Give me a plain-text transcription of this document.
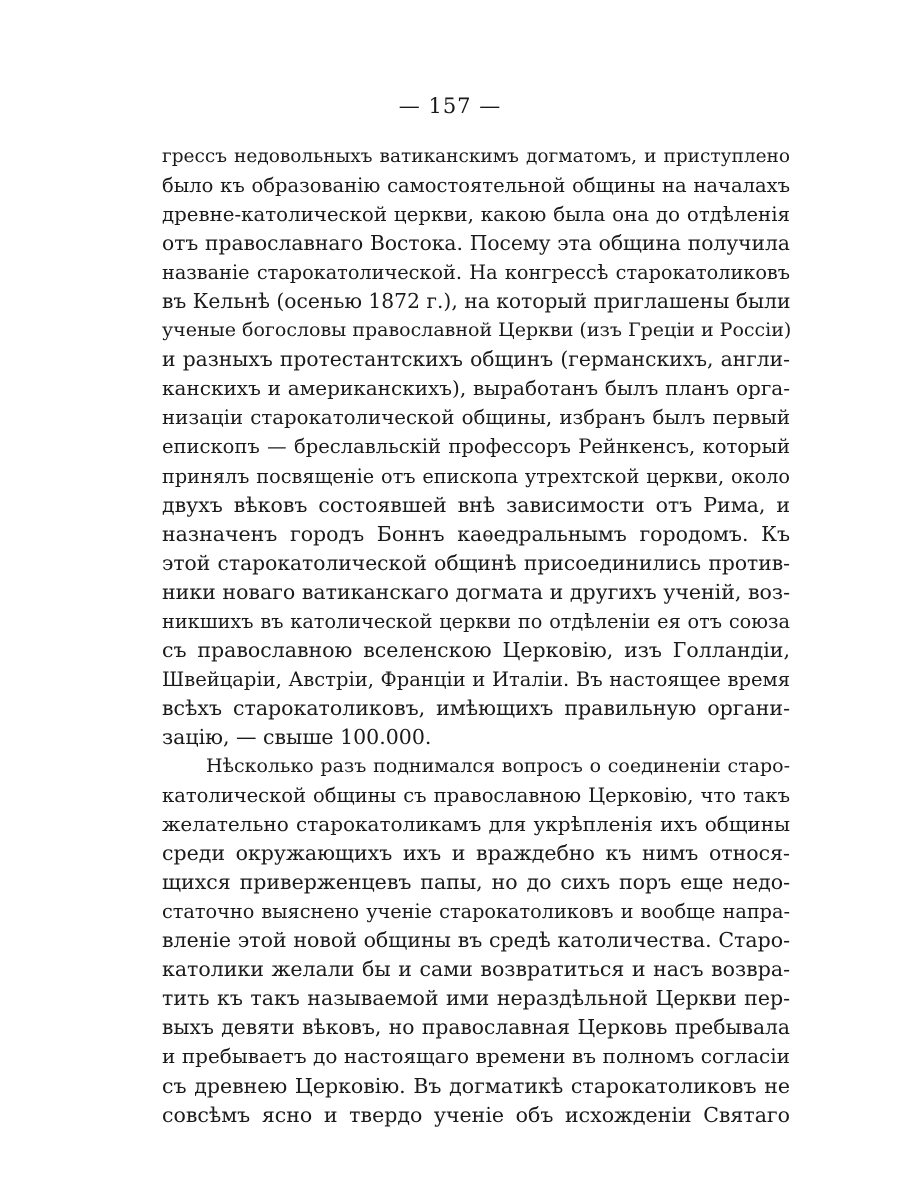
— 157 —
грессъ недовольныхъ ватиканскимъ догматомъ, и приступлено
было къ образованію самостоятельной общины на началахъ
древне-католической церкви, какою была она до отдѣленія
отъ православнаго Востока. Посему эта община получила
названіе старокатолической. На конгрессѣ старокатоликовъ
въ Кельнѣ (осенью 1872 г.), на который приглашены были
ученые богословы православной Церкви (изъ Греціи и Россіи)
и разныхъ протестантскихъ общинъ (германскихъ, англи-
канскихъ и американскихъ), выработанъ былъ планъ орга-
низаціи старокатолической общины, избранъ былъ первый
епископъ — бреславльскій профессоръ Рейнкенсъ, который
принялъ посвященіе отъ епископа утрехтской церкви, около
двухъ вѣковъ состоявшей внѣ зависимости отъ Рима, и
назначенъ городъ Боннъ каѳедральнымъ городомъ. Къ
этой старокатолической общинѣ присоединились против-
ники новаго ватиканскаго догмата и другихъ ученій, воз-
никшихъ въ католической церкви по отдѣленіи ея отъ союза
съ православною вселенскою Церковію, изъ Голландіи,
Швейцаріи, Австріи, Франціи и Италіи. Въ настоящее время
всѣхъ старокатоликовъ, имѣющихъ правильную органи-
зацію, — свыше 100.000.
Нѣсколько разъ поднимался вопросъ о соединеніи старо-
католической общины съ православною Церковію, что такъ
желательно старокатоликамъ для укрѣпленія ихъ общины
среди окружающихъ ихъ и враждебно къ нимъ относя-
щихся приверженцевъ папы, но до сихъ поръ еще недо-
статочно выяснено ученіе старокатоликовъ и вообще напра-
вленіе этой новой общины въ средѣ католичества. Старо-
католики желали бы и сами возвратиться и насъ возвра-
тить къ такъ называемой ими нераздѣльной Церкви пер-
выхъ девяти вѣковъ, но православная Церковь пребывала
и пребываетъ до настоящаго времени въ полномъ согласіи
съ древнею Церковію. Въ догматикѣ старокатоликовъ не
совсѣмъ ясно и твердо ученіе объ исхожденіи Святаго
